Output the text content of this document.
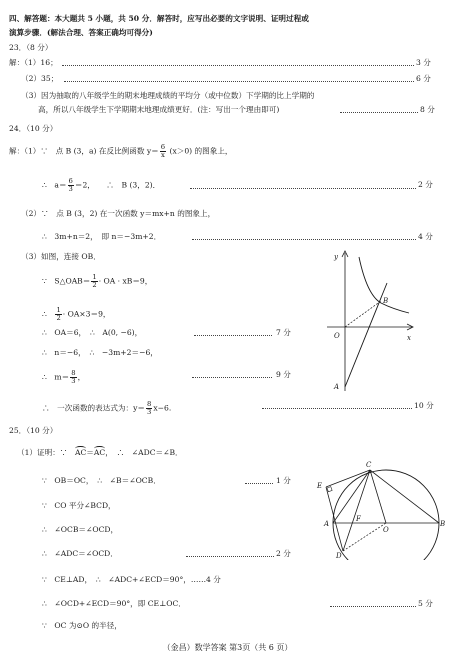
四、解答题：本大题共 5 小题，共 50 分．解答时，应写出必要的文字说明、证明过程或
演算步骤．(解法合理、答案正确均可得分)
23．（8 分）
解：（1）16；	3 分
（2）35；	6 分
（3）因为抽取的八年级学生的期末地理成绩的平均分（或中位数）下学期的比上学期的
高，所以八年级学生下学期期末地理成绩更好．(注：写出一个理由即可)	8 分
24．（10 分）
解：（1）∵　点 B (3，a) 在反比例函数 $y= \frac{6}{x} (x>0)$ 的图象上，
∴　$a= \frac{6}{3} =2$，　　∴　B (3，2)．	2 分
（2）∵　点 B (3，2) 在一次函数 y＝mx+n 的图象上，
∴　3m+n＝2，　即 n＝−3m+2．	4 分
（3）如图，连接 OB．
∵　S△OAB＝ $\frac{1}{2}$ · OA · xB＝9，
∴　 $\frac{1}{2} \cdot OA\times 3=9$，
∴　OA＝6，　∴　A(0, −6)，	7 分
∴　n＝−6，　∴　−3m+2＝−6，
∴　$m= \frac{8}{3}$ ，	9 分
∴　一次函数的表达式为：$y= \frac{8}{3} x-6$.	10 分
y
x
O
B
A
25．（10 分）
（1）证明：∵　AC＝AC，　∴　∠ADC＝∠B．
∵　OB＝OC，　∴　∠B＝∠OCB．	1 分
∵　CO 平分∠BCD，
∴　∠OCB＝∠OCD，
∴　∠ADC＝∠OCD．	2 分
∵　CE⊥AD，　∴　∠ADC+∠ECD＝90°，……4 分
∴　∠OCD+∠ECD＝90°，即 CE⊥OC．	5 分
∵　OC 为⊙O 的半径，
C
E
A
F
O
B
D
（金昌）数学答案 第3页（共 6 页）
